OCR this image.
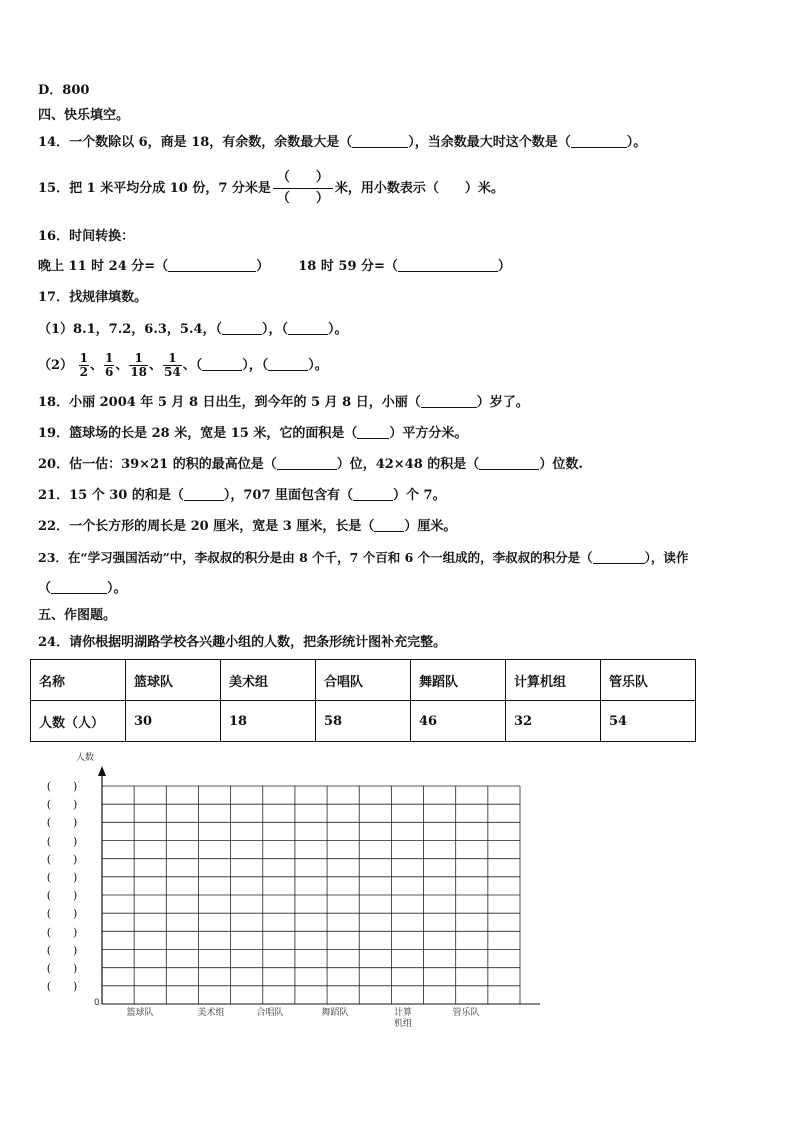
D．800
四、快乐填空。
14．一个数除以 6，商是 18，有余数，余数最大是（	），当余数最大时这个数是（	）。
15．把 1 米平均分成 10 份，7 分米是
（　　）
（　　）
米，用小数表示（　　）米。
16．时间转换：
晚上 11 时 24 分=（	） 18 时 59 分=（	）
17．找规律填数。
（1）8.1，7.2，6.3，5.4，（	），（	）。
$(2) \frac{1}{2}$ 、 $\frac{1}{6}$ 、 $\frac{1}{18}$ 、 $\frac{1}{54}$ 、（	），（	）。
18．小丽 2004 年 5 月 8 日出生，到今年的 5 月 8 日，小丽（	）岁了。
19．篮球场的长是 28 米，宽是 15 米，它的面积是（ ）平方分米。
20．估一估：39×21 的积的最高位是（	）位，42×48 的积是（	）位数.
21．15 个 30 的和是（	），707 里面包含有（	）个 7。
22．一个长方形的周长是 20 厘米，宽是 3 厘米，长是（ ）厘米。
23．在“学习强国活动”中，李叔叔的积分是由 8 个千，7 个百和 6 个一组成的，李叔叔的积分是（	），读作
（	）。
五、作图题。
24．请你根据明湖路学校各兴趣小组的人数，把条形统计图补充完整。
名称	篮球队	美术组	合唱队	舞蹈队	计算机组	管乐队
人数（人）	30	18	58	46	32	54
人数
0
(　　)
(　　)
(　　)
(　　)
(　　)
(　　)
(　　)
(　　)
(　　)
(　　)
(　　)
(　　)
篮球队	美术组	合唱队	舞蹈队	计算
机组
管乐队
